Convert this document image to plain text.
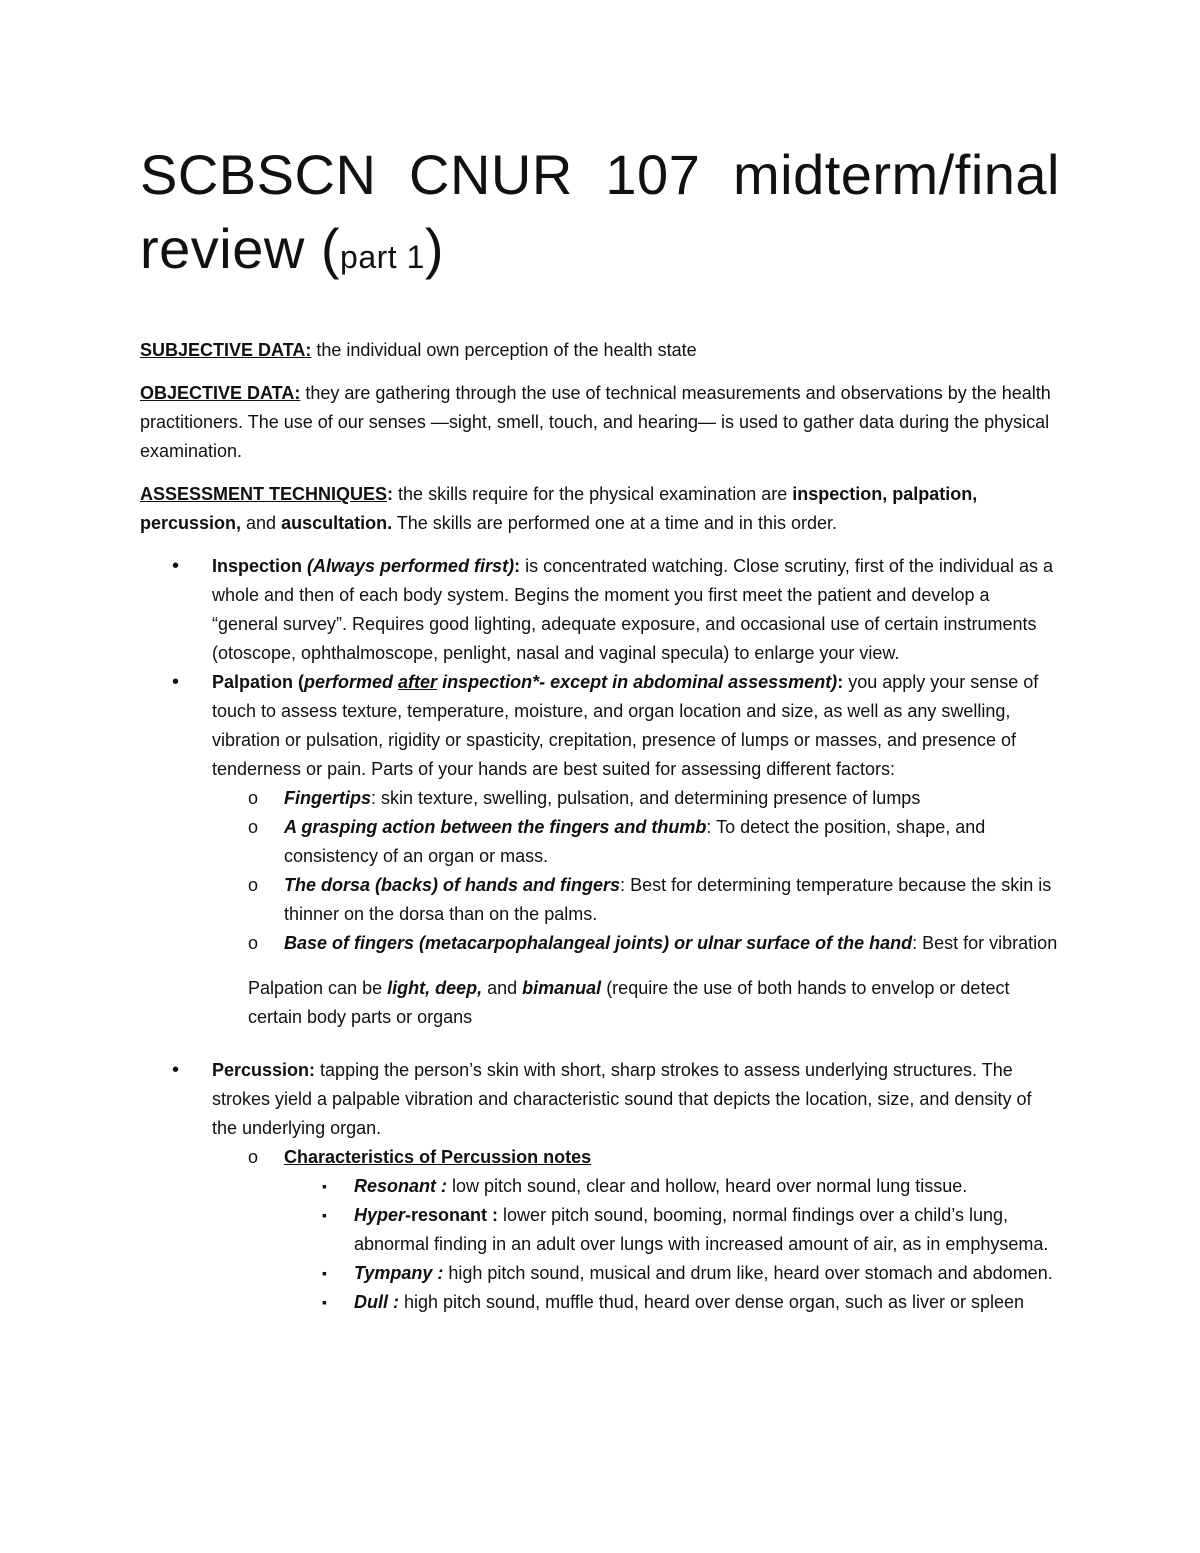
SCBSCN CNUR 107 midterm/final review (part 1)

SUBJECTIVE DATA: the individual own perception of the health state

OBJECTIVE DATA: they are gathering through the use of technical measurements and observations by the health practitioners. The use of our senses —sight, smell, touch, and hearing— is used to gather data during the physical examination.

ASSESSMENT TECHNIQUES: the skills require for the physical examination are inspection, palpation, percussion, and auscultation. The skills are performed one at a time and in this order.

• Inspection (Always performed first): is concentrated watching. Close scrutiny, first of the individual as a whole and then of each body system. Begins the moment you first meet the patient and develop a “general survey”. Requires good lighting, adequate exposure, and occasional use of certain instruments (otoscope, ophthalmoscope, penlight, nasal and vaginal specula) to enlarge your view.
• Palpation (performed after inspection*- except in abdominal assessment): you apply your sense of touch to assess texture, temperature, moisture, and organ location and size, as well as any swelling, vibration or pulsation, rigidity or spasticity, crepitation, presence of lumps or masses, and presence of tenderness or pain. Parts of your hands are best suited for assessing different factors:
o Fingertips: skin texture, swelling, pulsation, and determining presence of lumps
o A grasping action between the fingers and thumb: To detect the position, shape, and consistency of an organ or mass.
o The dorsa (backs) of hands and fingers: Best for determining temperature because the skin is thinner on the dorsa than on the palms.
o Base of fingers (metacarpophalangeal joints) or ulnar surface of the hand: Best for vibration

Palpation can be light, deep, and bimanual (require the use of both hands to envelop or detect certain body parts or organs

• Percussion: tapping the person’s skin with short, sharp strokes to assess underlying structures. The strokes yield a palpable vibration and characteristic sound that depicts the location, size, and density of the underlying organ.
o Characteristics of Percussion notes
▪ Resonant : low pitch sound, clear and hollow, heard over normal lung tissue.
▪ Hyper-resonant : lower pitch sound, booming, normal findings over a child’s lung, abnormal finding in an adult over lungs with increased amount of air, as in emphysema.
▪ Tympany : high pitch sound, musical and drum like, heard over stomach and abdomen.
▪ Dull : high pitch sound, muffle thud, heard over dense organ, such as liver or spleen
